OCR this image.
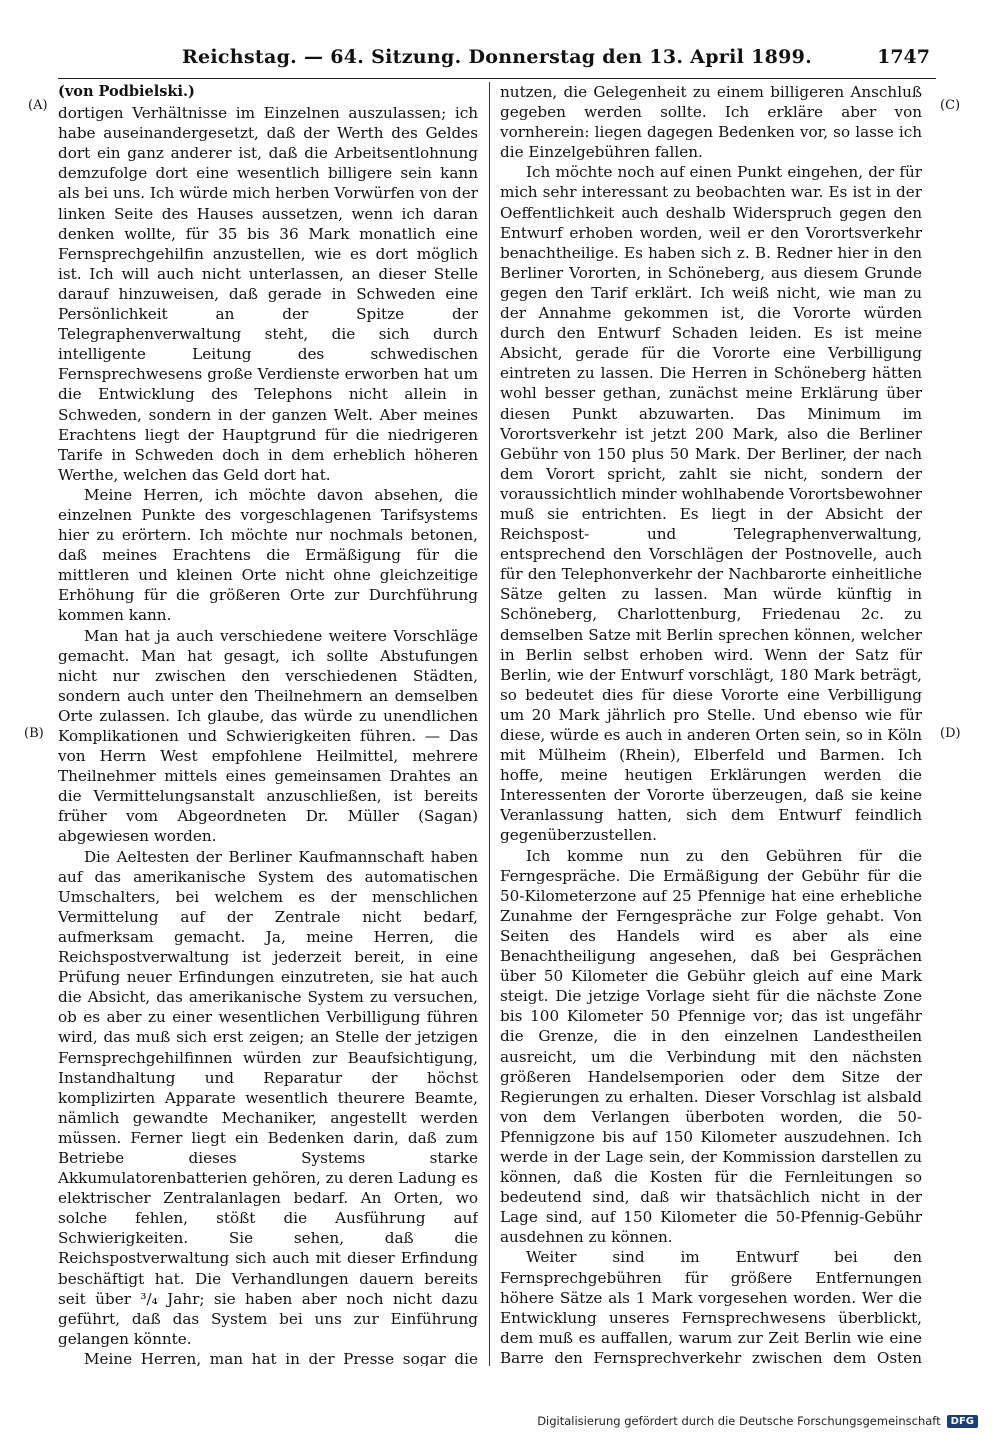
Reichstag. — 64. Sitzung. Donnerstag den 13. April 1899.	1747
(A)
(B)
(C)
(D)
(von Podbielski.)

dortigen Verhältnisse im Einzelnen auszulassen; ich habe auseinandergesetzt, daß der Werth des Geldes dort ein ganz anderer ist, daß die Arbeitsentlohnung demzufolge dort eine wesentlich billigere sein kann als bei uns. Ich würde mich herben Vorwürfen von der linken Seite des Hauses aussetzen, wenn ich daran denken wollte, für 35 bis 36 Mark monatlich eine Fernsprechgehilfin anzustellen, wie es dort möglich ist. Ich will auch nicht unterlassen, an dieser Stelle darauf hinzuweisen, daß gerade in Schweden eine Persönlichkeit an der Spitze der Telegraphenverwaltung steht, die sich durch intelligente Leitung des schwedischen Fernsprechwesens große Verdienste erworben hat um die Entwicklung des Telephons nicht allein in Schweden, sondern in der ganzen Welt. Aber meines Erachtens liegt der Hauptgrund für die niedrigeren Tarife in Schweden doch in dem erheblich höheren Werthe, welchen das Geld dort hat.

Meine Herren, ich möchte davon absehen, die einzelnen Punkte des vorgeschlagenen Tarifsystems hier zu erörtern. Ich möchte nur nochmals betonen, daß meines Erachtens die Ermäßigung für die mittleren und kleinen Orte nicht ohne gleichzeitige Erhöhung für die größeren Orte zur Durchführung kommen kann.

Man hat ja auch verschiedene weitere Vorschläge gemacht. Man hat gesagt, ich sollte Abstufungen nicht nur zwischen den verschiedenen Städten, sondern auch unter den Theilnehmern an demselben Orte zulassen. Ich glaube, das würde zu unendlichen Komplikationen und Schwierigkeiten führen. — Das von Herrn West empfohlene Heilmittel, mehrere Theilnehmer mittels eines gemeinsamen Drahtes an die Vermittelungsanstalt anzuschließen, ist bereits früher vom Abgeordneten Dr. Müller (Sagan) abgewiesen worden.

Die Aeltesten der Berliner Kaufmannschaft haben auf das amerikanische System des automatischen Umschalters, bei welchem es der menschlichen Vermittelung auf der Zentrale nicht bedarf, aufmerksam gemacht. Ja, meine Herren, die Reichspostverwaltung ist jederzeit bereit, in eine Prüfung neuer Erfindungen einzutreten, sie hat auch die Absicht, das amerikanische System zu versuchen, ob es aber zu einer wesentlichen Verbilligung führen wird, das muß sich erst zeigen; an Stelle der jetzigen Fernsprechgehilfinnen würden zur Beaufsichtigung, Instandhaltung und Reparatur der höchst komplizirten Apparate wesentlich theurere Beamte, nämlich gewandte Mechaniker, angestellt werden müssen. Ferner liegt ein Bedenken darin, daß zum Betriebe dieses Systems starke Akkumulatorenbatterien gehören, zu deren Ladung es elektrischer Zentralanlagen bedarf. An Orten, wo solche fehlen, stößt die Ausführung auf Schwierigkeiten. Sie sehen, daß die Reichspostverwaltung sich auch mit dieser Erfindung beschäftigt hat. Die Verhandlungen dauern bereits seit über ³/₄ Jahr; sie haben aber noch nicht dazu geführt, daß das System bei uns zur Einführung gelangen könnte.

Meine Herren, man hat in der Presse sogar die

nutzen, die Gelegenheit zu einem billigeren Anschluß gegeben werden sollte. Ich erkläre aber von vornherein: liegen dagegen Bedenken vor, so lasse ich die Einzelgebühren fallen.

Ich möchte noch auf einen Punkt eingehen, der für mich sehr interessant zu beobachten war. Es ist in der Oeffentlichkeit auch deshalb Widerspruch gegen den Entwurf erhoben worden, weil er den Vorortsverkehr benachtheilige. Es haben sich z. B. Redner hier in den Berliner Vororten, in Schöneberg, aus diesem Grunde gegen den Tarif erklärt. Ich weiß nicht, wie man zu der Annahme gekommen ist, die Vororte würden durch den Entwurf Schaden leiden. Es ist meine Absicht, gerade für die Vororte eine Verbilligung eintreten zu lassen. Die Herren in Schöneberg hätten wohl besser gethan, zunächst meine Erklärung über diesen Punkt abzuwarten. Das Minimum im Vorortsverkehr ist jetzt 200 Mark, also die Berliner Gebühr von 150 plus 50 Mark. Der Berliner, der nach dem Vorort spricht, zahlt sie nicht, sondern der voraussichtlich minder wohlhabende Vorortsbewohner muß sie entrichten. Es liegt in der Absicht der Reichspost- und Telegraphenverwaltung, entsprechend den Vorschlägen der Postnovelle, auch für den Telephonverkehr der Nachbarorte einheitliche Sätze gelten zu lassen. Man würde künftig in Schöneberg, Charlottenburg, Friedenau 2c. zu demselben Satze mit Berlin sprechen können, welcher in Berlin selbst erhoben wird. Wenn der Satz für Berlin, wie der Entwurf vorschlägt, 180 Mark beträgt, so bedeutet dies für diese Vororte eine Verbilligung um 20 Mark jährlich pro Stelle. Und ebenso wie für diese, würde es auch in anderen Orten sein, so in Köln mit Mülheim (Rhein), Elberfeld und Barmen. Ich hoffe, meine heutigen Erklärungen werden die Interessenten der Vororte überzeugen, daß sie keine Veranlassung hatten, sich dem Entwurf feindlich gegenüberzustellen.

Ich komme nun zu den Gebühren für die Ferngespräche. Die Ermäßigung der Gebühr für die 50-Kilometerzone auf 25 Pfennige hat eine erhebliche Zunahme der Ferngespräche zur Folge gehabt. Von Seiten des Handels wird es aber als eine Benachtheiligung angesehen, daß bei Gesprächen über 50 Kilometer die Gebühr gleich auf eine Mark steigt. Die jetzige Vorlage sieht für die nächste Zone bis 100 Kilometer 50 Pfennige vor; das ist ungefähr die Grenze, die in den einzelnen Landestheilen ausreicht, um die Verbindung mit den nächsten größeren Handelsemporien oder dem Sitze der Regierungen zu erhalten. Dieser Vorschlag ist alsbald von dem Verlangen überboten worden, die 50-Pfennigzone bis auf 150 Kilometer auszudehnen. Ich werde in der Lage sein, der Kommission darstellen zu können, daß die Kosten für die Fernleitungen so bedeutend sind, daß wir thatsächlich nicht in der Lage sind, auf 150 Kilometer die 50-Pfennig-Gebühr ausdehnen zu können.

Weiter sind im Entwurf bei den Fernsprechgebühren für größere Entfernungen höhere Sätze als 1 Mark vorgesehen worden. Wer die Entwicklung unseres Fernsprechwesens überblickt, dem muß es auffallen, warum zur Zeit Berlin wie eine Barre den Fernsprechverkehr zwischen dem Osten

Digitalisierung gefördert durch die Deutsche Forschungsgemeinschaft	DFG
